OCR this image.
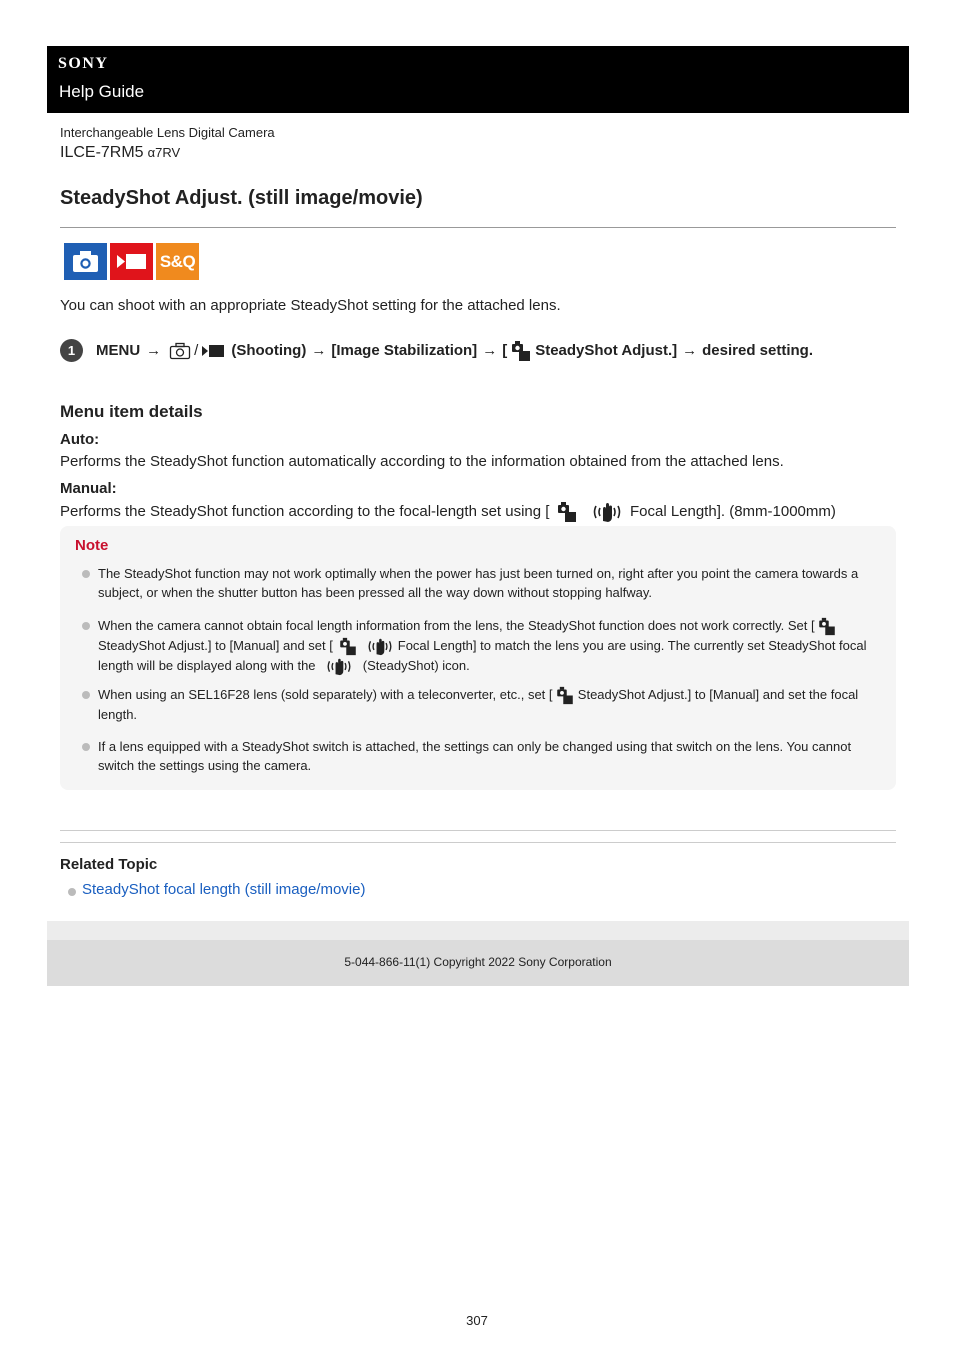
SONY
Help Guide
Interchangeable Lens Digital Camera
ILCE-7RM5 α7RV
SteadyShot Adjust. (still image/movie)
S&Q
You can shoot with an appropriate SteadyShot setting for the attached lens.
1	MENU → / (Shooting) → [Image Stabilization] → [ SteadyShot Adjust.] → desired setting.
Menu item details
Auto:
Performs the SteadyShot function automatically according to the information obtained from the attached lens.
Manual:
Performs the SteadyShot function according to the focal-length set using [	Focal Length]. (8mm-1000mm)
Note
The SteadyShot function may not work optimally when the power has just been turned on, right after you point the camera towards a subject, or when the shutter button has been pressed all the way down without stopping halfway.
When the camera cannot obtain focal length information from the lens, the SteadyShot function does not work correctly. Set [  SteadyShot Adjust.] to [Manual] and set [	Focal Length] to match the lens you are using. The currently set SteadyShot focal length will be displayed along with the	(SteadyShot) icon.
When using an SEL16F28 lens (sold separately) with a teleconverter, etc., set [ SteadyShot Adjust.] to [Manual] and set the focal length.
If a lens equipped with a SteadyShot switch is attached, the settings can only be changed using that switch on the lens. You cannot switch the settings using the camera.
Related Topic
SteadyShot focal length (still image/movie)
5-044-866-11(1) Copyright 2022 Sony Corporation
307
